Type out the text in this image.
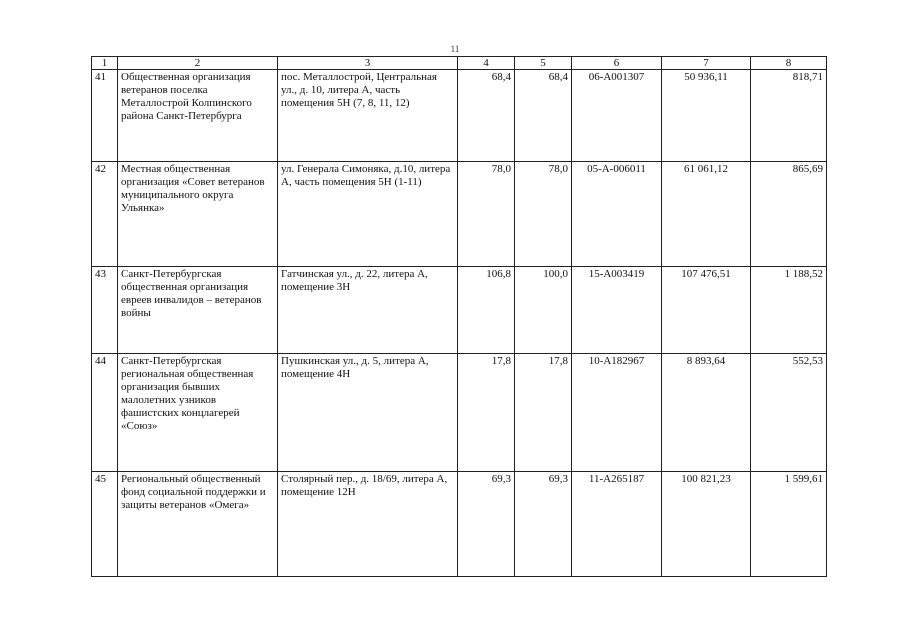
11
1	2	3	4	5	6	7	8
41	Общественная организация ветеранов поселка Металлострой Колпинского района Санкт-Петербурга	пос. Металлострой, Центральная ул., д. 10, литера А, часть помещения 5Н (7, 8, 11, 12)	68,4	68,4	06-А001307	50 936,11	818,71
42	Местная общественная организация «Совет ветеранов муниципального округа Ульянка»	ул. Генерала Симоняка, д.10, литера А, часть помещения 5Н (1-11)	78,0	78,0	05-А-006011	61 061,12	865,69
43	Санкт-Петербургская общественная организация евреев инвалидов – ветеранов войны	Гатчинская ул., д. 22, литера А, помещение 3Н	106,8	100,0	15-А003419	107 476,51	1 188,52
44	Санкт-Петербургская региональная общественная организация бывших малолетних узников фашистских концлагерей «Союз»	Пушкинская ул., д. 5, литера А, помещение 4Н	17,8	17,8	10-А182967	8 893,64	552,53
45	Региональный общественный фонд социальной поддержки и защиты ветеранов «Омега»	Столярный пер., д. 18/69, литера А, помещение 12Н	69,3	69,3	11-А265187	100 821,23	1 599,61
